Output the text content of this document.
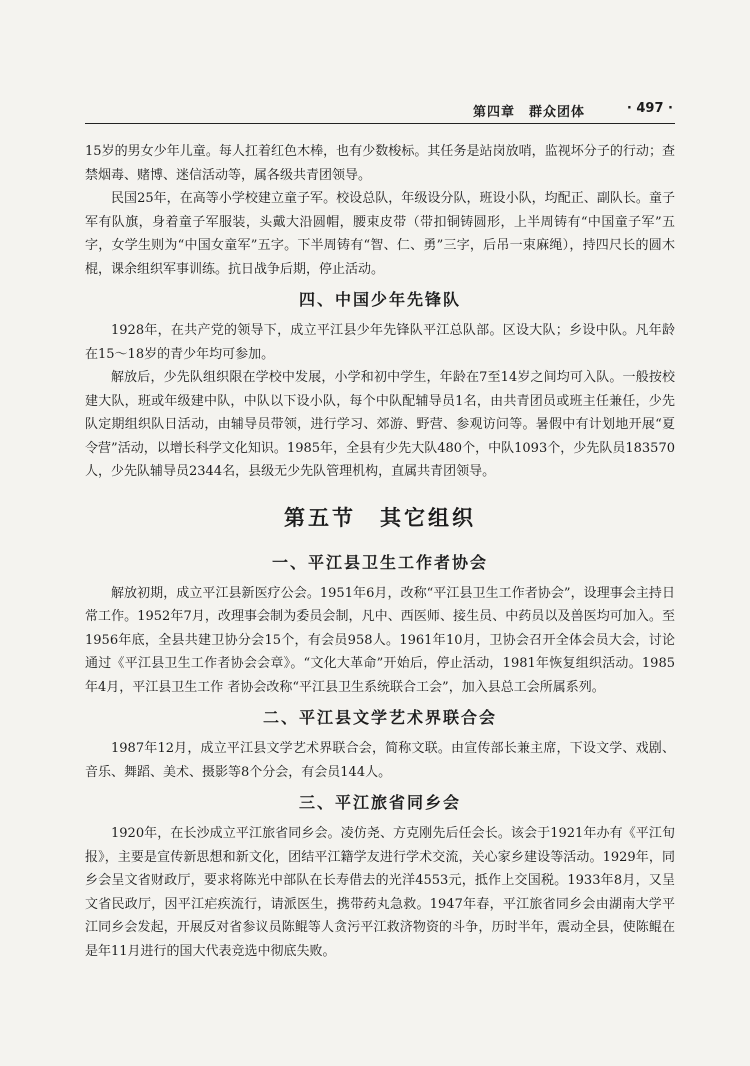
第四章　群众团体	· 497 ·

15岁的男女少年儿童。每人扛着红色木棒，也有少数梭标。其任务是站岗放哨，监视坏分子的行动；查禁烟毒、赌博、迷信活动等，属各级共青团领导。

民国25年，在高等小学校建立童子军。校设总队，年级设分队，班设小队，均配正、副队长。童子军有队旗，身着童子军服装，头戴大沿圆帽，腰束皮带（带扣铜铸圆形，上半周铸有“中国童子军”五字，女学生则为“中国女童军”五字。下半周铸有“智、仁、勇”三字，后吊一束麻绳），持四尺长的圆木棍，课余组织军事训练。抗日战争后期，停止活动。

四、中国少年先锋队

1928年，在共产党的领导下，成立平江县少年先锋队平江总队部。区设大队；乡设中队。凡年龄在15～18岁的青少年均可参加。

解放后，少先队组织限在学校中发展，小学和初中学生，年龄在7至14岁之间均可入队。一般按校建大队，班或年级建中队，中队以下设小队，每个中队配辅导员1名，由共青团员或班主任兼任，少先队定期组织队日活动，由辅导员带领，进行学习、郊游、野营、参观访问等。暑假中有计划地开展“夏令营”活动，以增长科学文化知识。1985年，全县有少先大队480个，中队1093个，少先队员183570人，少先队辅导员2344名，县级无少先队管理机构，直属共青团领导。

第五节　其它组织
一、平江县卫生工作者协会

解放初期，成立平江县新医疗公会。1951年6月，改称“平江县卫生工作者协会”，设理事会主持日常工作。1952年7月，改理事会制为委员会制，凡中、西医师、接生员、中药员以及兽医均可加入。至1956年底，全县共建卫协分会15个，有会员958人。1961年10月，卫协会召开全体会员大会，讨论通过《平江县卫生工作者协会会章》。“文化大革命”开始后，停止活动，1981年恢复组织活动。1985年4月，平江县卫生工作 者协会改称“平江县卫生系统联合工会”，加入县总工会所属系列。

二、平江县文学艺术界联合会

1987年12月，成立平江县文学艺术界联合会，简称文联。由宣传部长兼主席，下设文学、戏剧、音乐、舞蹈、美术、摄影等8个分会，有会员144人。

三、平江旅省同乡会

1920年，在长沙成立平江旅省同乡会。凌仿尧、方克刚先后任会长。该会于1921年办有《平江旬报》，主要是宣传新思想和新文化，团结平江籍学友进行学术交流，关心家乡建设等活动。1929年，同乡会呈文省财政厅，要求将陈光中部队在长寿借去的光洋4553元，抵作上交国税。1933年8月，又呈文省民政厅，因平江疟疾流行，请派医生，携带药丸急救。1947年春，平江旅省同乡会由湖南大学平江同乡会发起，开展反对省参议员陈鲲等人贪污平江救济物资的斗争，历时半年，震动全县，使陈鲲在是年11月进行的国大代表竞选中彻底失败。
